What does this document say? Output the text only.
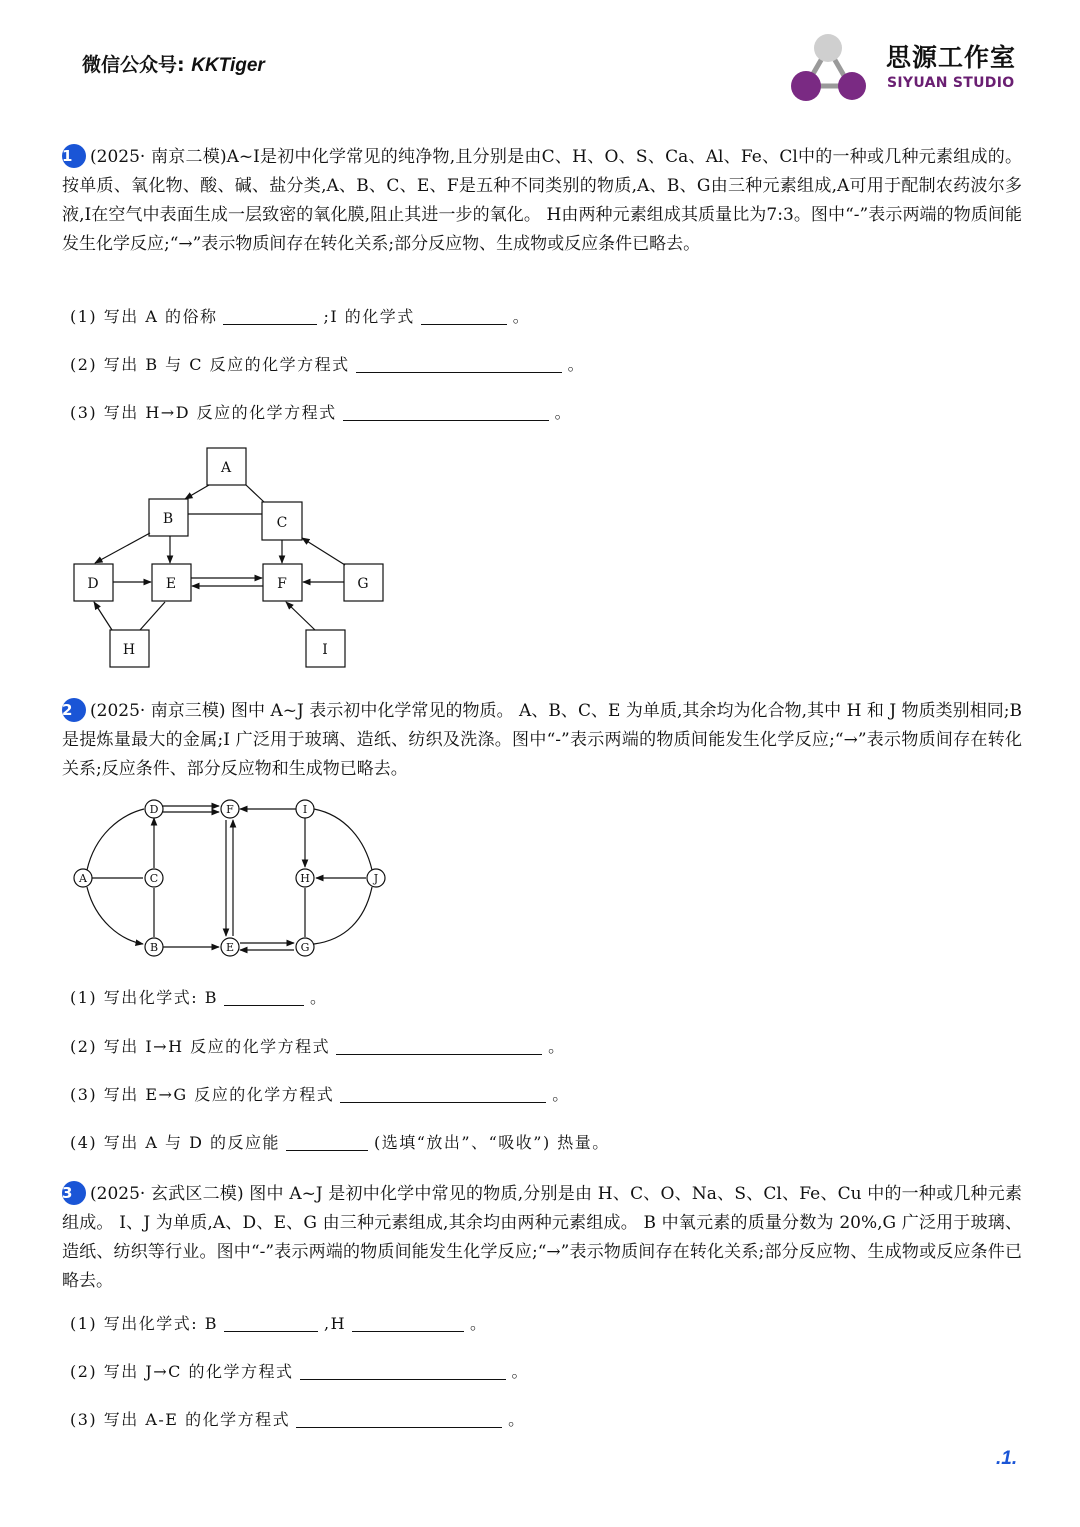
微信公众号: KKTiger	思源工作室
SIYUAN STUDIO
1 (2025· 南京二模)A~I是初中化学常见的纯净物,且分别是由C、H、O、S、Ca、Al、Fe、Cl中的一种或几种元素组成的。按单质、氧化物、酸、碱、盐分类,A、B、C、E、F是五种不同类别的物质,A、B、G由三种元素组成,A可用于配制农药波尔多液,I在空气中表面生成一层致密的氧化膜,阻止其进一步的氧化。 H由两种元素组成其质量比为7:3。图中“-”表示两端的物质间能发生化学反应;“→”表示物质间存在转化关系;部分反应物、生成物或反应条件已略去。
(1) 写出 A 的俗称	;I 的化学式	。
(2) 写出 B 与 C 反应的化学方程式	。
(3) 写出 H→D 反应的化学方程式	。
A
B	C
D	E	F	G
H	I
2 (2025· 南京三模) 图中 A~J 表示初中化学常见的物质。 A、B、C、E 为单质,其余均为化合物,其中 H 和 J 物质类别相同;B 是提炼量最大的金属;I 广泛用于玻璃、造纸、纺织及洗涤。图中“-”表示两端的物质间能发生化学反应;“→”表示物质间存在转化关系;反应条件、部分反应物和生成物已略去。
A
B
C
D
E
F
G
H
I
J
(1) 写出化学式: B	。
(2) 写出 I→H 反应的化学方程式	。
(3) 写出 E→G 反应的化学方程式	。
(4) 写出 A 与 D 的反应能	(选填“放出”、“吸收”) 热量。
3 (2025· 玄武区二模) 图中 A~J 是初中化学中常见的物质,分别是由 H、C、O、Na、S、Cl、Fe、Cu 中的一种或几种元素组成。 I、J 为单质,A、D、E、G 由三种元素组成,其余均由两种元素组成。 B 中氧元素的质量分数为 20%,G 广泛用于玻璃、造纸、纺织等行业。图中“-”表示两端的物质间能发生化学反应;“→”表示物质间存在转化关系;部分反应物、生成物或反应条件已略去。
(1) 写出化学式: B	,H	。
(2) 写出 J→C 的化学方程式	。
(3) 写出 A-E 的化学方程式	。
.1.
